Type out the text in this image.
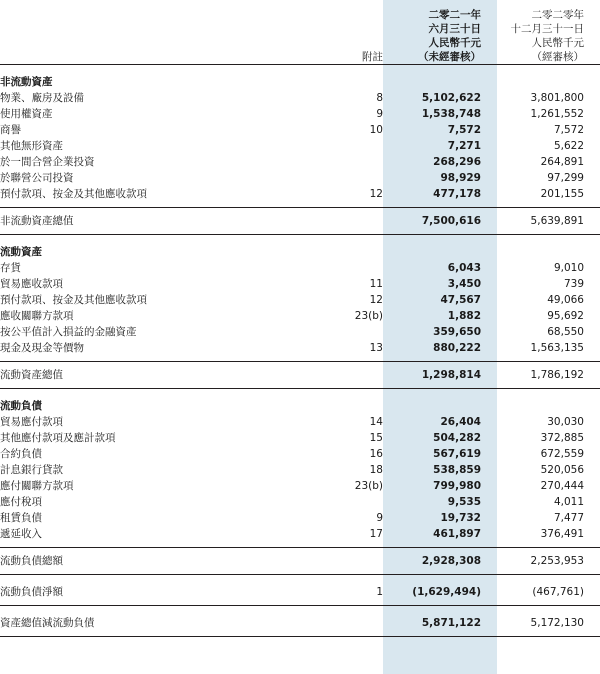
	附註	二零二一年
六月三十日
人民幣千元
（未經審核）	二零二零年
十二月三十一日
人民幣千元
（經審核）

非流動資產			
物業、廠房及設備	8	5,102,622	3,801,800
使用權資產	9	1,538,748	1,261,552
商譽	10	7,572	7,572
其他無形資產		7,271	5,622
於一間合營企業投資		268,296	264,891
於聯營公司投資		98,929	97,299
預付款項、按金及其他應收款項	12	477,178	201,155

非流動資產總值		7,500,616	5,639,891

流動資產			
存貨		6,043	9,010
貿易應收款項	11	3,450	739
預付款項、按金及其他應收款項	12	47,567	49,066
應收關聯方款項	23(b)	1,882	95,692
按公平值計入損益的金融資產		359,650	68,550
現金及現金等價物	13	880,222	1,563,135

流動資產總值		1,298,814	1,786,192

流動負債			
貿易應付款項	14	26,404	30,030
其他應付款項及應計款項	15	504,282	372,885
合約負債	16	567,619	672,559
計息銀行貸款	18	538,859	520,056
應付關聯方款項	23(b)	799,980	270,444
應付稅項		9,535	4,011
租賃負債	9	19,732	7,477
遞延收入	17	461,897	376,491

流動負債總額		2,928,308	2,253,953

流動負債淨額	1	(1,629,494)	(467,761)

資產總值減流動負債		5,871,122	5,172,130
